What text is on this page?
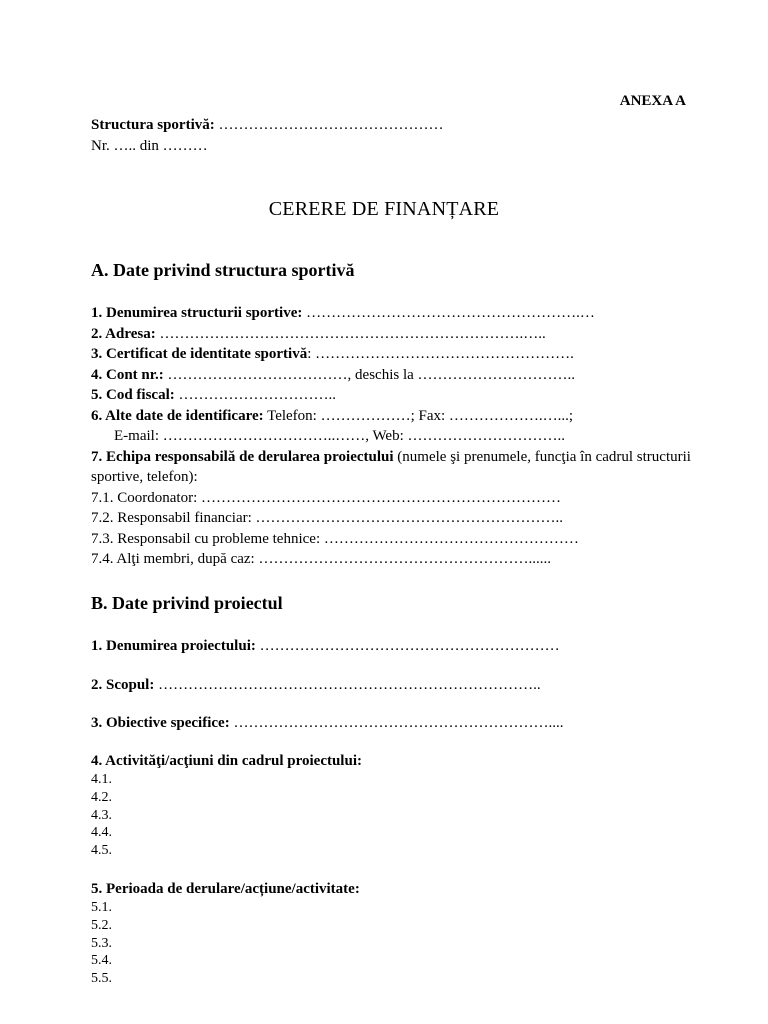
ANEXA A
Structura sportivă: ………………………………………
Nr. ….. din ………
CERERE DE FINANȚARE
A. Date privind structura sportivă
1. Denumirea structurii sportive: ……………………………………………….…
2. Adresa: ……………………………………………………………….…..
3. Certificat de identitate sportivă: …………………………………………….
4. Cont nr.: ………………………………, deschis la …………………………..
5. Cod fiscal: …………………………..
6. Alte date de identificare: Telefon: ………………; Fax: ……………….…...;
E-mail: ……………………………..……, Web: …………………………..
7. Echipa responsabilă de derularea proiectului (numele şi prenumele, funcţia în cadrul structurii sportive, telefon):
7.1. Coordonator: ………………………………………………………………
7.2. Responsabil financiar: ……………………………………………………..
7.3. Responsabil cu probleme tehnice: ……………………………………………
7.4. Alţi membri, după caz: ………………………………………………......
B. Date privind proiectul
1. Denumirea proiectului: ……………………………………………………
2. Scopul: …………………………………………………………………..
3. Obiective specifice: ………………………………………………………....
4. Activităţi/acţiuni din cadrul proiectului:
4.1.
4.2.
4.3.
4.4.
4.5.
5. Perioada de derulare/acțiune/activitate:
5.1.
5.2.
5.3.
5.4.
5.5.
